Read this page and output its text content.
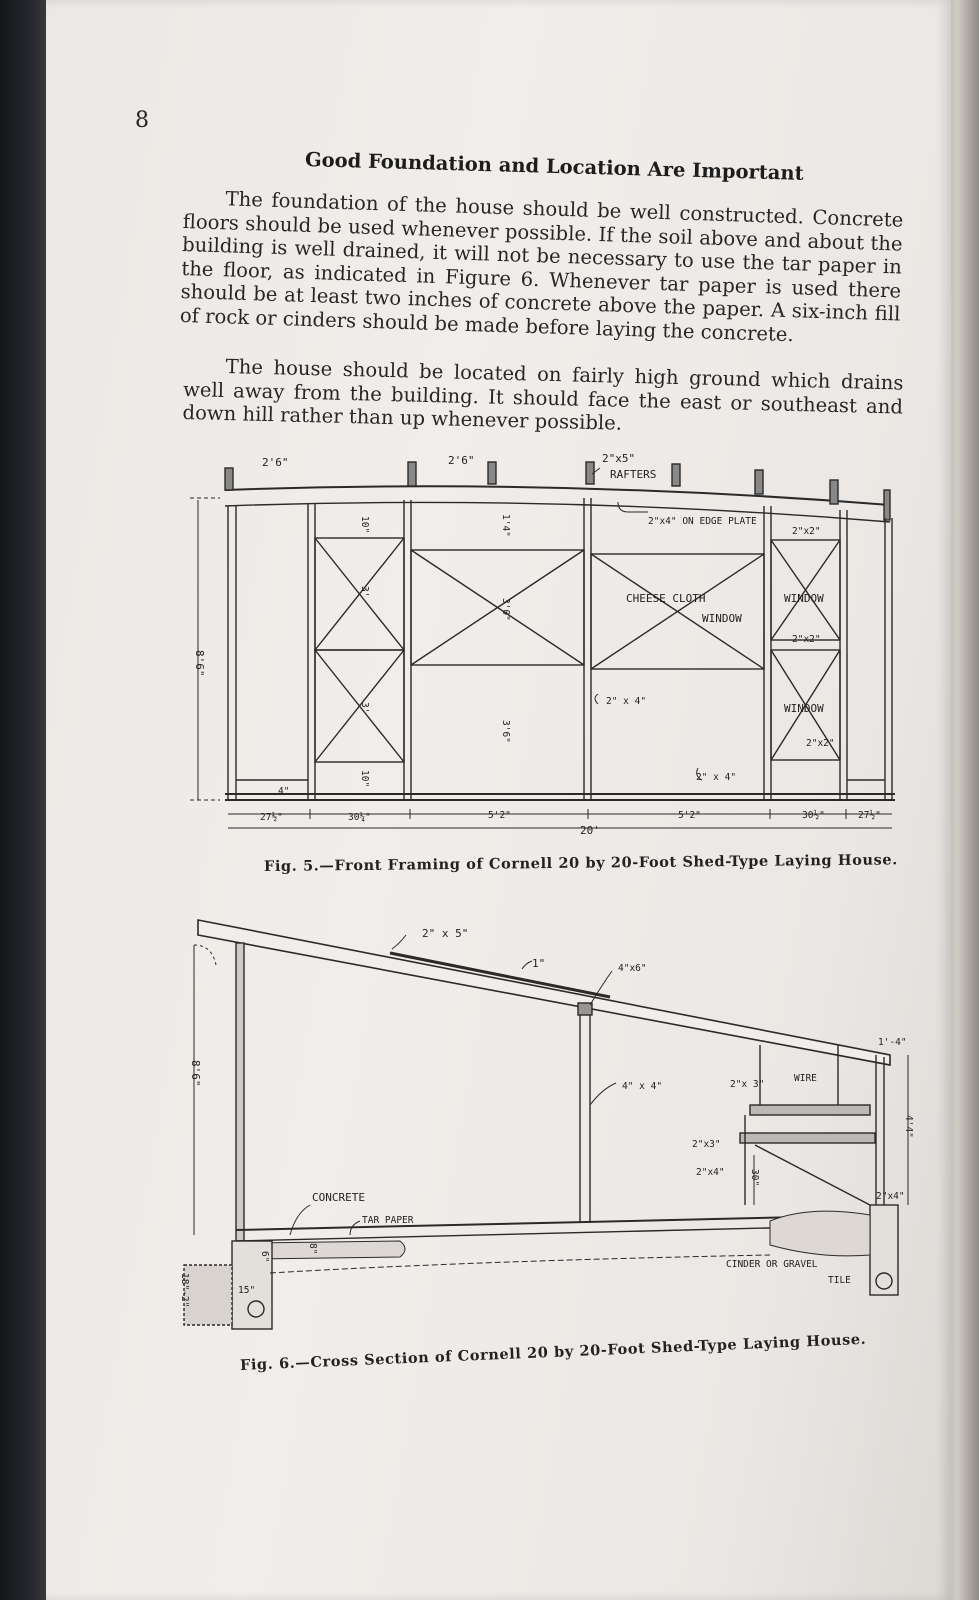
8
Good Foundation and Location Are Important
The foundation of the house should be well constructed. Concrete floors should be used whenever possible. If the soil above and about the building is well drained, it will not be necessary to use the tar paper in the floor, as indicated in Figure 6. Whenever tar paper is used there should be at least two inches of concrete above the paper. A six-inch fill of rock or cinders should be made before laying the concrete.
The house should be located on fairly high ground which drains well away from the building. It should face the east or southeast and down hill rather than up whenever possible.
2'6"	2'6"	2"x5"
RAFTERS
2"x4" ON EDGE PLATE
2"x2"
2"x2"
2"x2"
CHEESE CLOTH
WINDOW
WINDOW
WINDOW
2" x 4"
2" x 4"
8'6"
10"
3'
3'
10"
1'4"
3'0"
3'6"
4"
27½"	30¼"	5'2"	5'2"	30½"	27½"
20'
Fig. 5.—Front Framing of Cornell 20 by 20-Foot Shed-Type Laying House.
2" x 5"
1"	4"x6"
4" x 4"
8'6"
1'-4"
4'4"
WIRE
2"x 3"
2"x3"
2"x4"	30"
CONCRETE
TAR PAPER
CINDER OR GRAVEL
TILE
18"-2"
6"
15"
8"
2"x4"
Fig. 6.—Cross Section of Cornell 20 by 20-Foot Shed-Type Laying House.
